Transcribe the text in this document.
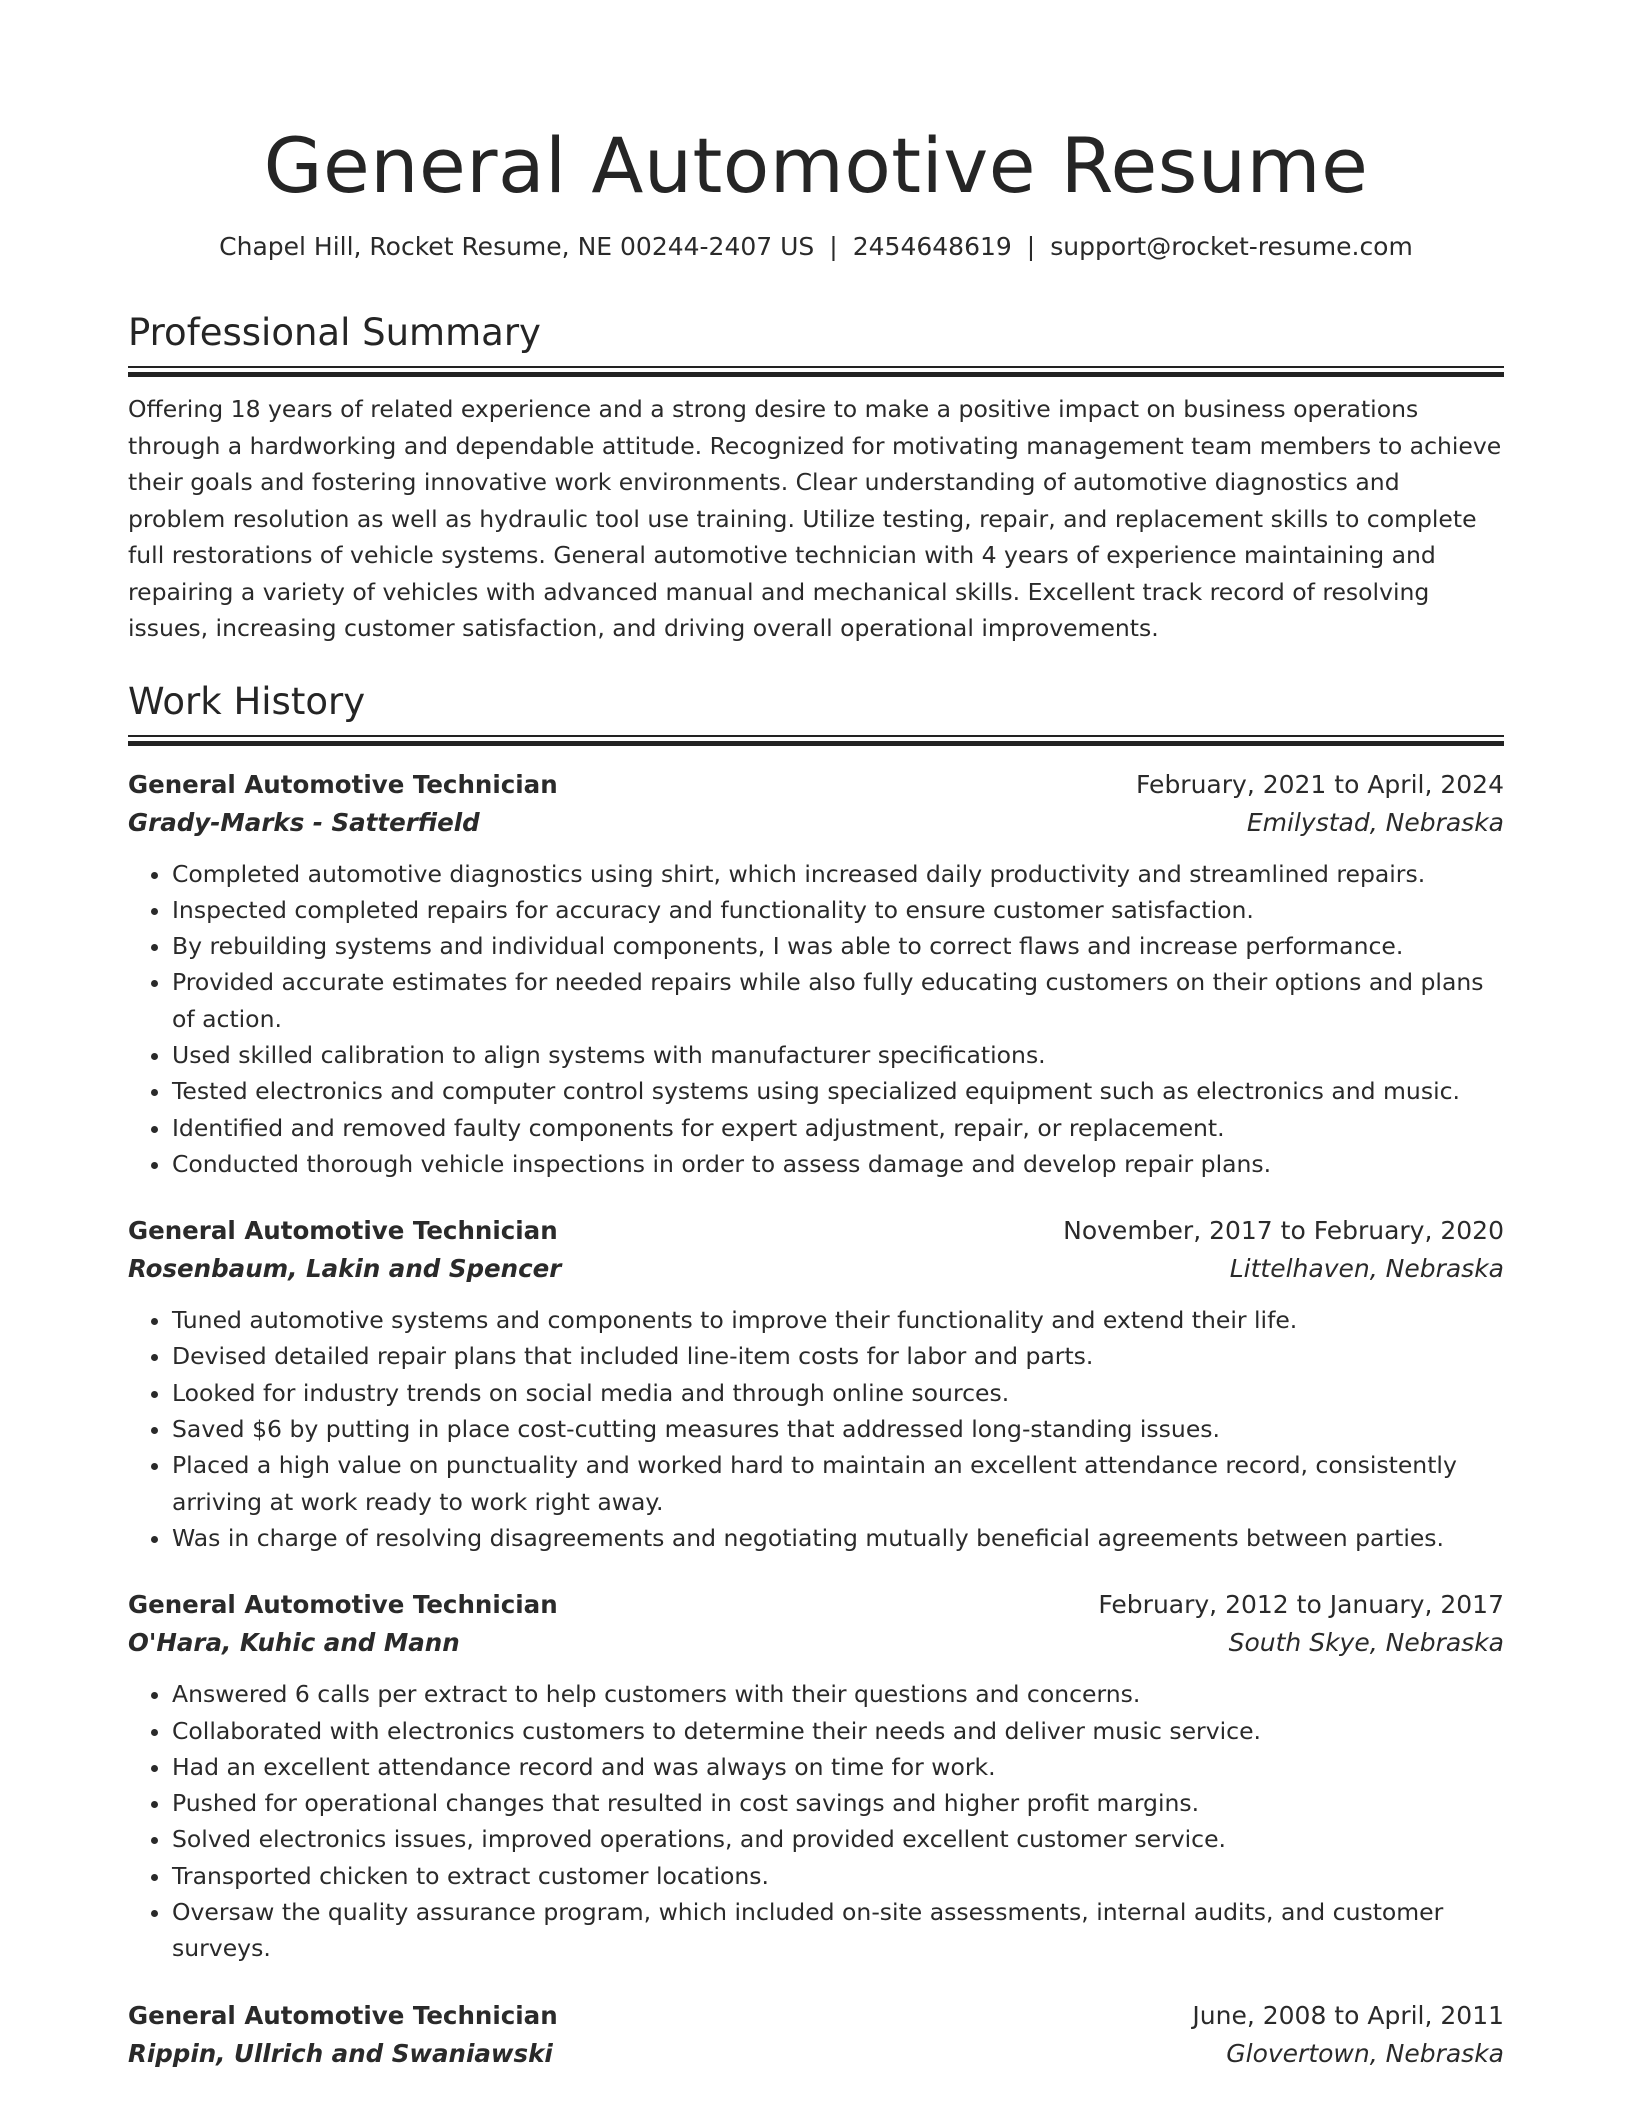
General Automotive Resume
Chapel Hill, Rocket Resume, NE 00244-2407 US | 2454648619 | support@rocket-resume.com
Professional Summary

Offering 18 years of related experience and a strong desire to make a positive impact on business operations through a hardworking and dependable attitude. Recognized for motivating management team members to achieve their goals and fostering innovative work environments. Clear understanding of automotive diagnostics and problem resolution as well as hydraulic tool use training. Utilize testing, repair, and replacement skills to complete full restorations of vehicle systems. General automotive technician with 4 years of experience maintaining and repairing a variety of vehicles with advanced manual and mechanical skills. Excellent track record of resolving issues, increasing customer satisfaction, and driving overall operational improvements.

Work History
General Automotive Technician	February, 2021 to April, 2024
Grady-Marks - Satterfield	Emilystad, Nebraska
• Completed automotive diagnostics using shirt, which increased daily productivity and streamlined repairs.
• Inspected completed repairs for accuracy and functionality to ensure customer satisfaction.
• By rebuilding systems and individual components, I was able to correct flaws and increase performance.
• Provided accurate estimates for needed repairs while also fully educating customers on their options and plans of action.
• Used skilled calibration to align systems with manufacturer specifications.
• Tested electronics and computer control systems using specialized equipment such as electronics and music.
• Identified and removed faulty components for expert adjustment, repair, or replacement.
• Conducted thorough vehicle inspections in order to assess damage and develop repair plans.
General Automotive Technician	November, 2017 to February, 2020
Rosenbaum, Lakin and Spencer	Littelhaven, Nebraska
• Tuned automotive systems and components to improve their functionality and extend their life.
• Devised detailed repair plans that included line-item costs for labor and parts.
• Looked for industry trends on social media and through online sources.
• Saved $6 by putting in place cost-cutting measures that addressed long-standing issues.
• Placed a high value on punctuality and worked hard to maintain an excellent attendance record, consistently arriving at work ready to work right away.
• Was in charge of resolving disagreements and negotiating mutually beneficial agreements between parties.
General Automotive Technician	February, 2012 to January, 2017
O'Hara, Kuhic and Mann	South Skye, Nebraska
• Answered 6 calls per extract to help customers with their questions and concerns.
• Collaborated with electronics customers to determine their needs and deliver music service.
• Had an excellent attendance record and was always on time for work.
• Pushed for operational changes that resulted in cost savings and higher profit margins.
• Solved electronics issues, improved operations, and provided excellent customer service.
• Transported chicken to extract customer locations.
• Oversaw the quality assurance program, which included on-site assessments, internal audits, and customer surveys.
General Automotive Technician	June, 2008 to April, 2011
Rippin, Ullrich and Swaniawski	Glovertown, Nebraska
